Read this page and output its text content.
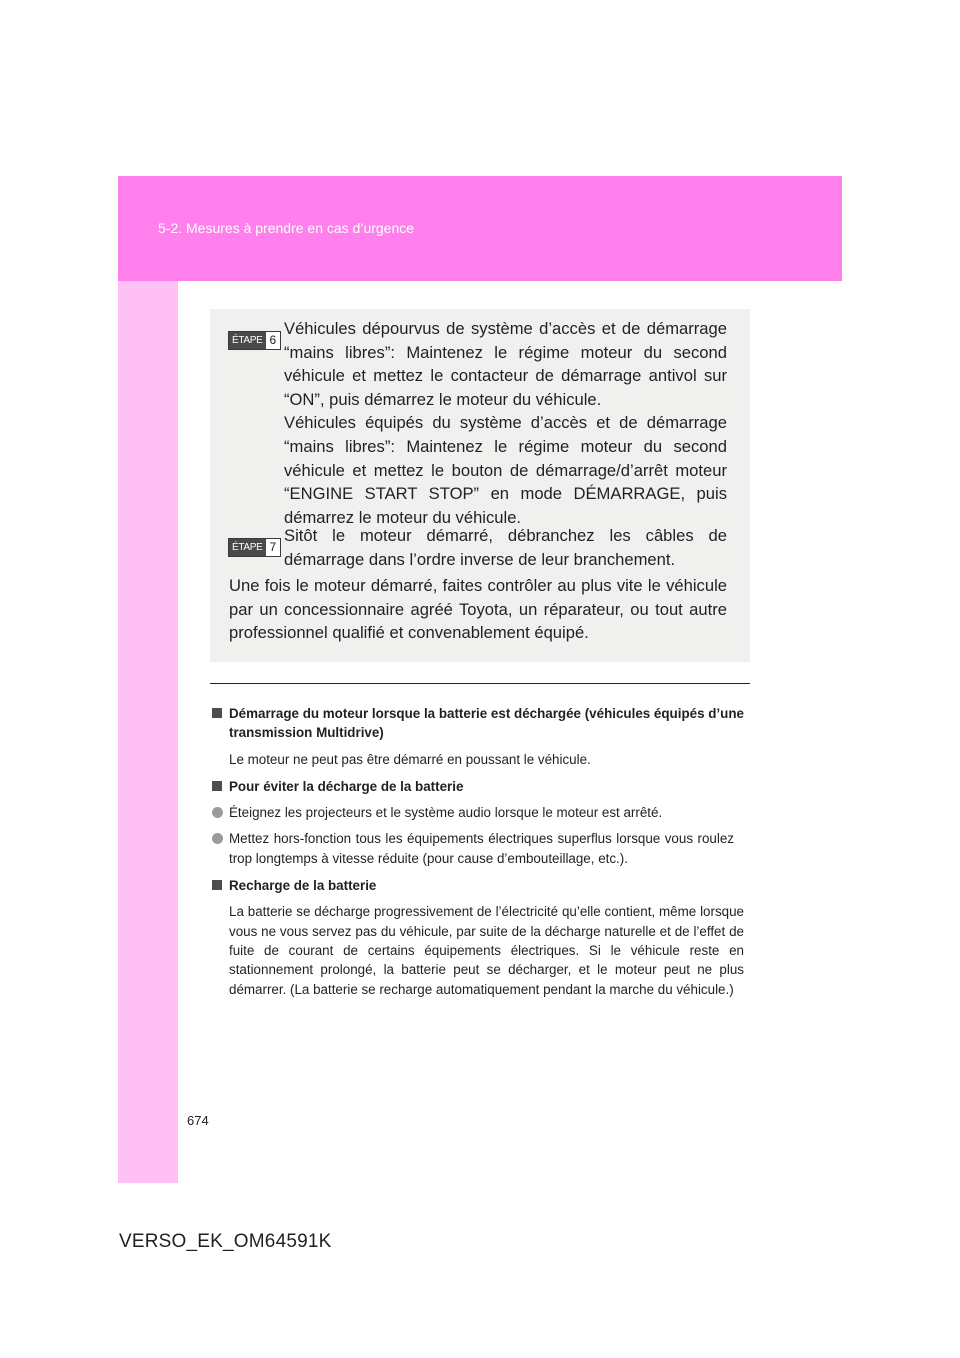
5-2. Mesures à prendre en cas d’urgence
ÉTAPE 6

Véhicules dépourvus de système d’accès et de démarrage “mains libres”: Maintenez le régime moteur du second véhicule et mettez le contacteur de démarrage antivol sur “ON”, puis démarrez le moteur du véhicule.

Véhicules équipés du système d’accès et de démarrage “mains libres”: Maintenez le régime moteur du second véhicule et mettez le bouton de démarrage/d’arrêt moteur “ENGINE START STOP” en mode DÉMARRAGE, puis démarrez le moteur du véhicule.

ÉTAPE 7

Sitôt le moteur démarré, débranchez les câbles de démarrage dans l’ordre inverse de leur branchement.

Une fois le moteur démarré, faites contrôler au plus vite le véhicule par un concessionnaire agréé Toyota, un réparateur, ou tout autre professionnel qualifié et convenablement équipé.

Démarrage du moteur lorsque la batterie est déchargée (véhicules équipés d’une transmission Multidrive)

Le moteur ne peut pas être démarré en poussant le véhicule.

Pour éviter la décharge de la batterie

Éteignez les projecteurs et le système audio lorsque le moteur est arrêté.

Mettez hors-fonction tous les équipements électriques superflus lorsque vous roulez trop longtemps à vitesse réduite (pour cause d’embouteillage, etc.).

Recharge de la batterie

La batterie se décharge progressivement de l’électricité qu’elle contient, même lorsque vous ne vous servez pas du véhicule, par suite de la décharge naturelle et de l’effet de fuite de courant de certains équipements électriques. Si le véhicule reste en stationnement prolongé, la batterie peut se décharger, et le moteur peut ne plus démarrer. (La batterie se recharge automatiquement pendant la marche du véhicule.)

674
VERSO_EK_OM64591K
